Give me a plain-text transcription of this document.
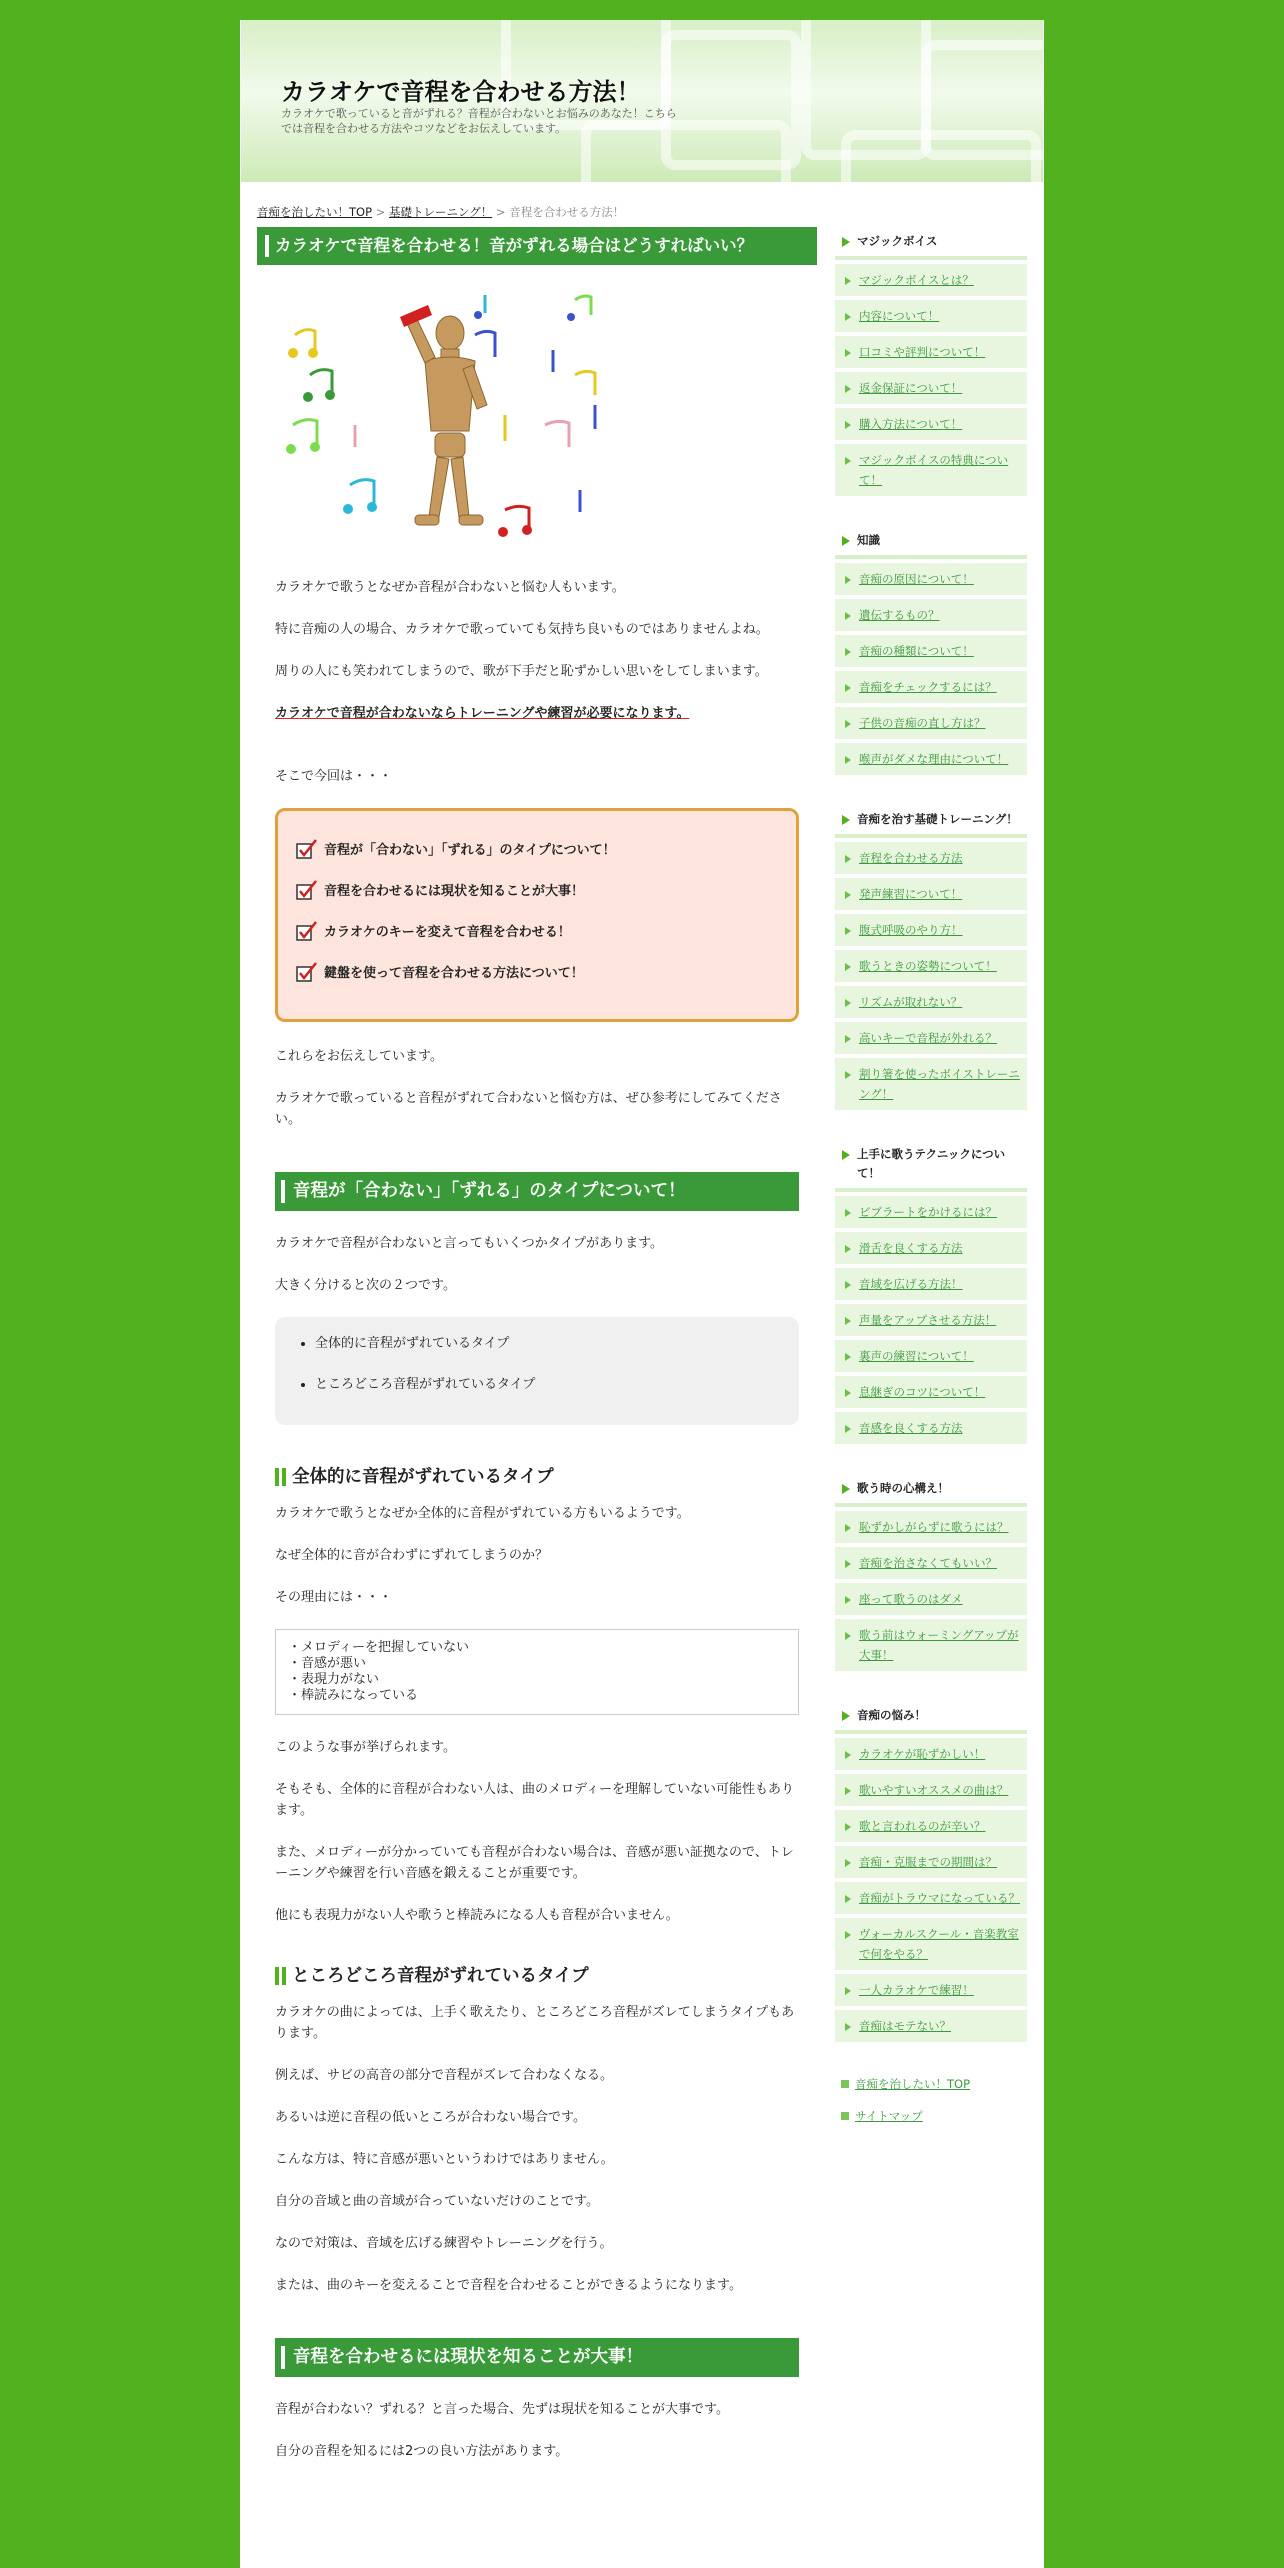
カラオケで音程を合わせる方法！

カラオケで歌っていると音がずれる？音程が合わないとお悩みのあなた！こちらでは音程を合わせる方法やコツなどをお伝えしています。

音痴を治したい！TOP > 基礎トレーニング！ > 音程を合わせる方法！
カラオケで音程を合わせる！音がずれる場合はどうすればいい？

カラオケで歌うとなぜか音程が合わないと悩む人もいます。

特に音痴の人の場合、カラオケで歌っていても気持ち良いものではありませんよね。

周りの人にも笑われてしまうので、歌が下手だと恥ずかしい思いをしてしまいます。

カラオケで音程が合わないならトレーニングや練習が必要になります。

そこで今回は・・・

音程が「合わない」「ずれる」のタイプについて！
音程を合わせるには現状を知ることが大事！
カラオケのキーを変えて音程を合わせる！
鍵盤を使って音程を合わせる方法について！

これらをお伝えしています。

カラオケで歌っていると音程がずれて合わないと悩む方は、ぜひ参考にしてみてください。

音程が「合わない」「ずれる」のタイプについて！

カラオケで音程が合わないと言ってもいくつかタイプがあります。

大きく分けると次の２つです。

• 全体的に音程がずれているタイプ
• ところどころ音程がずれているタイプ
全体的に音程がずれているタイプ

カラオケで歌うとなぜか全体的に音程がずれている方もいるようです。

なぜ全体的に音が合わずにずれてしまうのか？

その理由には・・・

・メロディーを把握していない
・音感が悪い
・表現力がない
・棒読みになっている

このような事が挙げられます。

そもそも、全体的に音程が合わない人は、曲のメロディーを理解していない可能性もあります。

また、メロディーが分かっていても音程が合わない場合は、音感が悪い証拠なので、トレーニングや練習を行い音感を鍛えることが重要です。

他にも表現力がない人や歌うと棒読みになる人も音程が合いません。

ところどころ音程がずれているタイプ

カラオケの曲によっては、上手く歌えたり、ところどころ音程がズレてしまうタイプもあります。

例えば、サビの高音の部分で音程がズレて合わなくなる。

あるいは逆に音程の低いところが合わない場合です。

こんな方は、特に音感が悪いというわけではありません。

自分の音域と曲の音域が合っていないだけのことです。

なので対策は、音域を広げる練習やトレーニングを行う。

または、曲のキーを変えることで音程を合わせることができるようになります。

音程を合わせるには現状を知ることが大事！

音程が合わない？ずれる？と言った場合、先ずは現状を知ることが大事です。

自分の音程を知るには2つの良い方法があります。

マジックボイス
マジックボイスとは？
内容について！
口コミや評判について！
返金保証について！
購入方法について！
マジックボイスの特典について！
知識
音痴の原因について！
遺伝するもの？
音痴の種類について！
音痴をチェックするには？
子供の音痴の直し方は？
喉声がダメな理由について！
音痴を治す基礎トレーニング！
音程を合わせる方法
発声練習について！
腹式呼吸のやり方！
歌うときの姿勢について！
リズムが取れない？
高いキーで音程が外れる？
割り箸を使ったボイストレーニング！
上手に歌うテクニックについて！
ビブラートをかけるには？
滑舌を良くする方法
音域を広げる方法！
声量をアップさせる方法！
裏声の練習について！
息継ぎのコツについて！
音感を良くする方法
歌う時の心構え！
恥ずかしがらずに歌うには？
音痴を治さなくてもいい？
座って歌うのはダメ
歌う前はウォーミングアップが大事！
音痴の悩み！
カラオケが恥ずかしい！
歌いやすいオススメの曲は？
歌と言われるのが辛い？
音痴・克服までの期間は？
音痴がトラウマになっている？
ヴォーカルスクール・音楽教室で何をやる？
一人カラオケで練習！
音痴はモテない？
音痴を治したい！TOP
サイトマップ
